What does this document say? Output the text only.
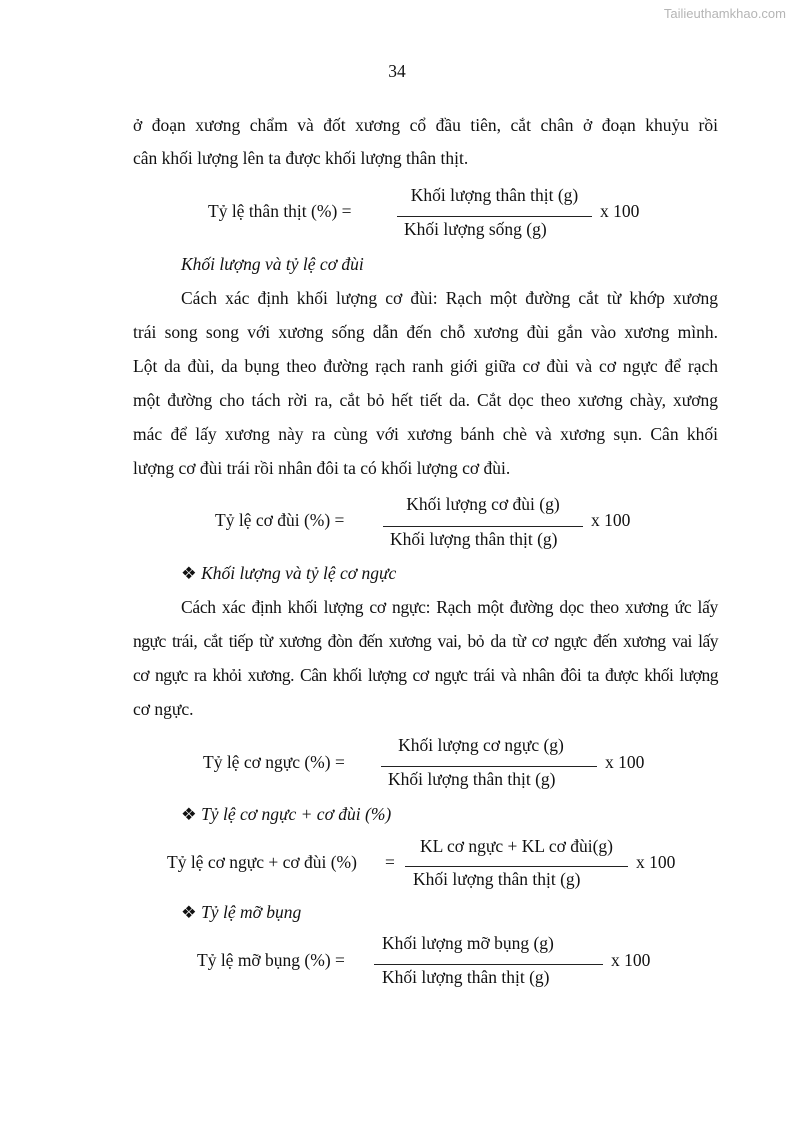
Tailieuthamkhao.com
34
ở đoạn xương chẩm và đốt xương cổ đầu tiên, cắt chân ở đoạn khuỷu rồi
cân khối lượng lên ta được khối lượng thân thịt.
Tỷ lệ thân thịt (%) =
Khối lượng thân thịt (g)
Khối lượng sống (g)
x 100
Khối lượng và tỷ lệ cơ đùi
Cách xác định khối lượng cơ đùi: Rạch một đường cắt từ khớp xương
trái song song với xương sống dẫn đến chỗ xương đùi gắn vào xương mình.
Lột da đùi, da bụng theo đường rạch ranh giới giữa cơ đùi và cơ ngực để rạch
một đường cho tách rời ra, cắt bỏ hết tiết da. Cắt dọc theo xương chày, xương
mác để lấy xương này ra cùng với xương bánh chè và xương sụn. Cân khối
lượng cơ đùi trái rồi nhân đôi ta có khối lượng cơ đùi.
Tỷ lệ cơ đùi (%) =
Khối lượng cơ đùi (g)
Khối lượng thân thịt (g)
x 100
❖ Khối lượng và tỷ lệ cơ ngực
Cách xác định khối lượng cơ ngực: Rạch một đường dọc theo xương ức lấy
ngực trái, cắt tiếp từ xương đòn đến xương vai, bỏ da từ cơ ngực đến xương vai lấy
cơ ngực ra khỏi xương. Cân khối lượng cơ ngực trái và nhân đôi ta được khối lượng
cơ ngực.
Tỷ lệ cơ ngực (%) =
Khối lượng cơ ngực (g)
Khối lượng thân thịt (g)
x 100
❖ Tỷ lệ cơ ngực + cơ đùi (%)
Tỷ lệ cơ ngực + cơ đùi (%) =
KL cơ ngực + KL cơ đùi(g)
Khối lượng thân thịt (g)
x 100
❖ Tỷ lệ mỡ bụng
Tỷ lệ mỡ bụng (%) =
Khối lượng mỡ bụng (g)
Khối lượng thân thịt (g)
x 100
